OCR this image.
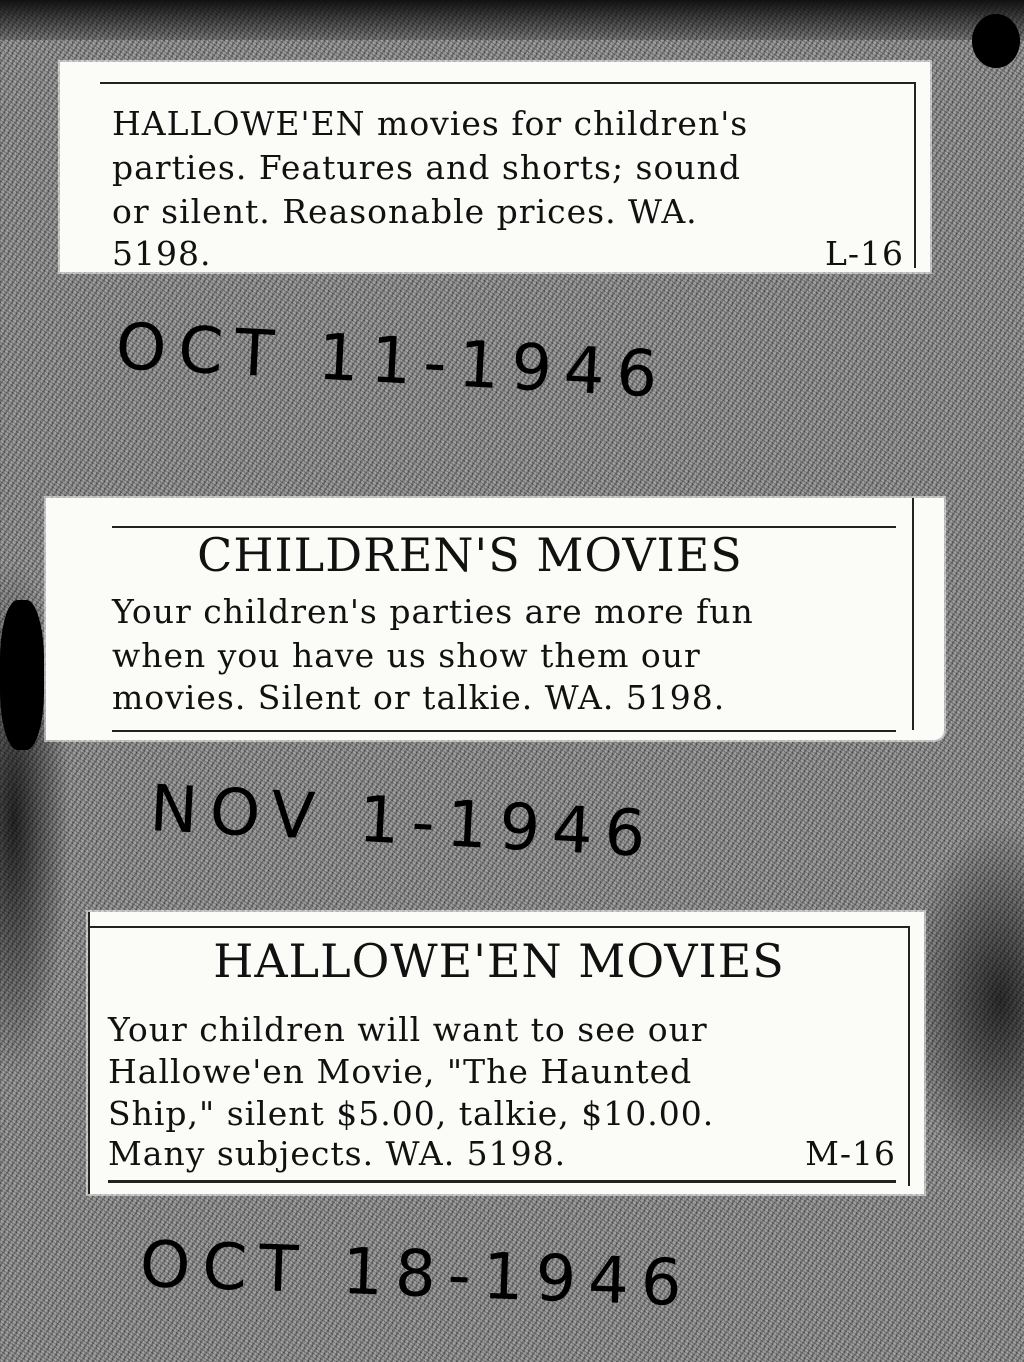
HALLOWE'EN movies for children's
parties. Features and shorts; sound
or silent. Reasonable prices. WA.
5198.	L-16
OCT 11-1946
CHILDREN'S MOVIES
Your children's parties are more fun
when you have us show them our
movies. Silent or talkie. WA. 5198.
NOV 1-1946
HALLOWE'EN MOVIES
Your children will want to see our
Hallowe'en Movie, "The Haunted
Ship," silent $5.00, talkie, $10.00.
Many subjects. WA. 5198.	M-16
OCT 18-1946
